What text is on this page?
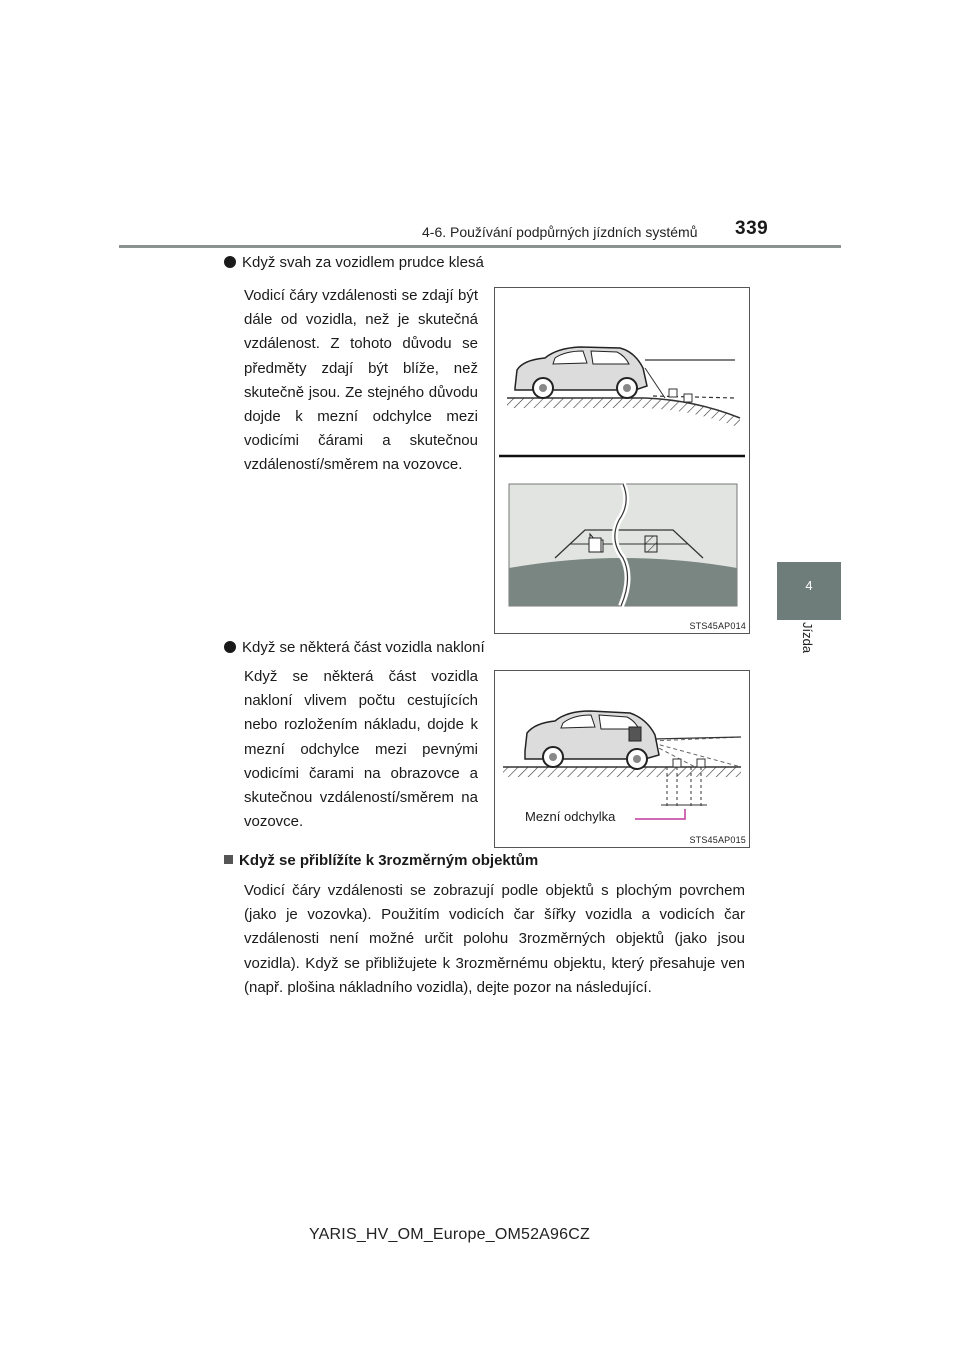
4-6. Používání podpůrných jízdních systémů 339
4
Jízda
Když svah za vozidlem prudce klesá
Vodicí čáry vzdálenosti se zdají být dále od vozidla, než je skutečná vzdálenost. Z tohoto důvodu se předměty zdají být blíže, než skutečně jsou. Ze stejného důvodu dojde k mezní odchylce mezi vodicími čárami a skutečnou vzdáleností/směrem na vozovce.
STS45AP014
Když se některá část vozidla nakloní
Když se některá část vozidla nakloní vlivem počtu cestujících nebo rozložením nákladu, dojde k mezní odchylce mezi pevnými vodicími čarami na obrazovce a skutečnou vzdáleností/směrem na vozovce.	Mezní odchylka
STS45AP015
Když se přiblížíte k 3rozměrným objektům
Vodicí čáry vzdálenosti se zobrazují podle objektů s plochým povrchem (jako je vozovka). Použitím vodicích čar šířky vozidla a vodicích čar vzdálenosti není možné určit polohu 3rozměrných objektů (jako jsou vozidla). Když se přibližujete k 3rozměrnému objektu, který přesahuje ven (např. plošina nákladního vozidla), dejte pozor na následující.
YARIS_HV_OM_Europe_OM52A96CZ
